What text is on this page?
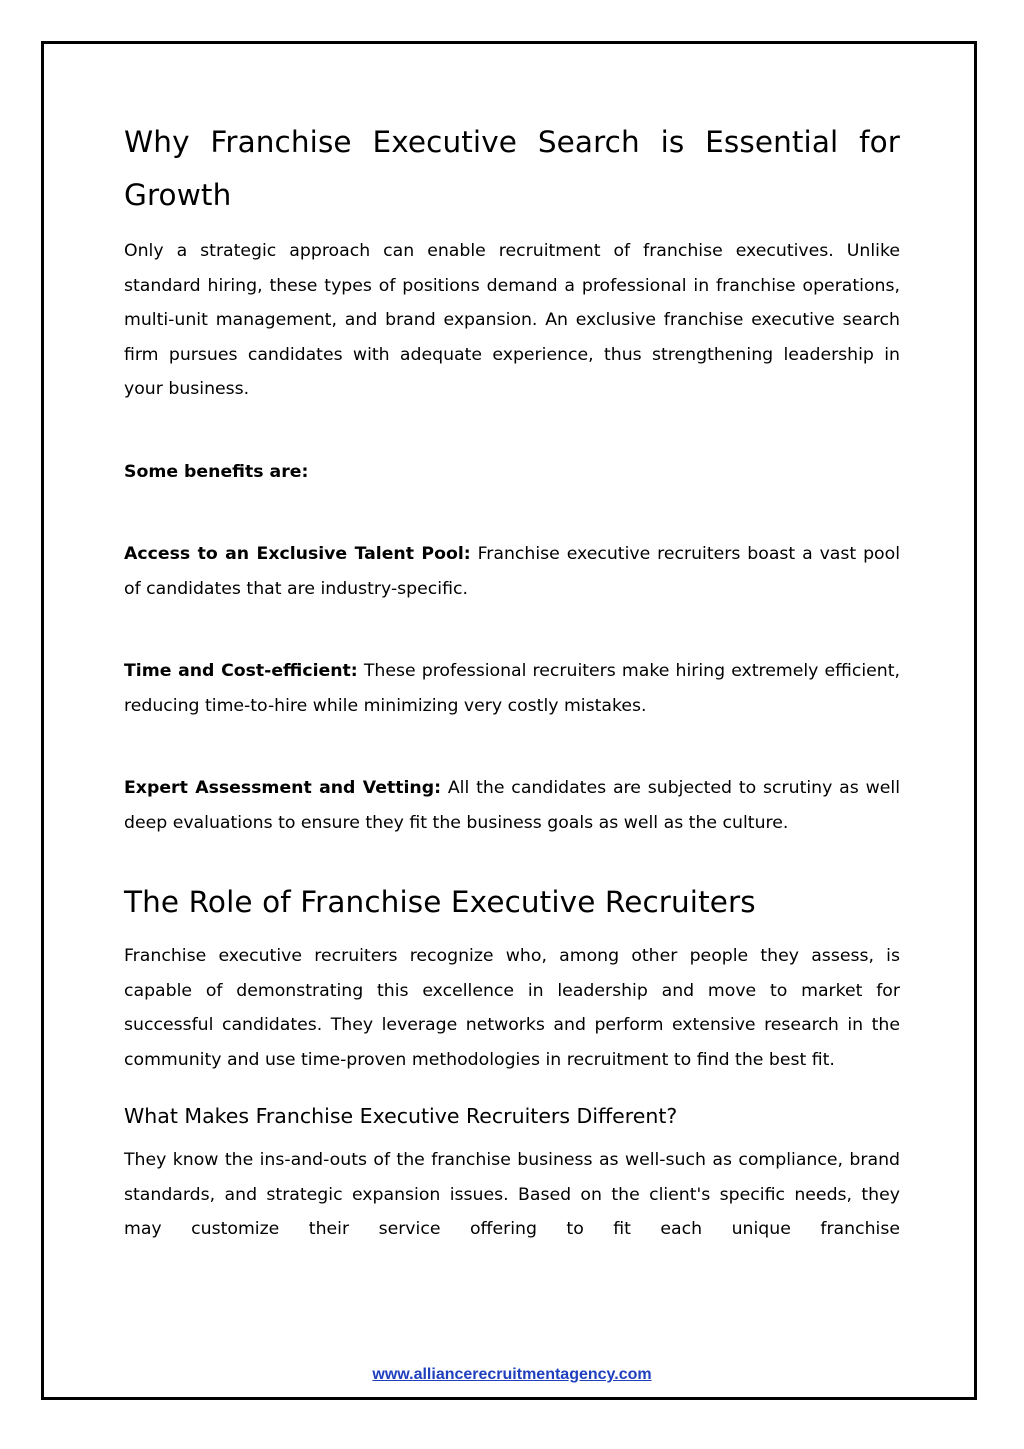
Why Franchise Executive Search is Essential for Growth

Only a strategic approach can enable recruitment of franchise executives. Unlike standard hiring, these types of positions demand a professional in franchise operations, multi-unit management, and brand expansion. An exclusive franchise executive search firm pursues candidates with adequate experience, thus strengthening leadership in your business.

Some benefits are:

Access to an Exclusive Talent Pool: Franchise executive recruiters boast a vast pool of candidates that are industry-specific.

Time and Cost-efficient: These professional recruiters make hiring extremely efficient, reducing time-to-hire while minimizing very costly mistakes.

Expert Assessment and Vetting: All the candidates are subjected to scrutiny as well deep evaluations to ensure they fit the business goals as well as the culture.

The Role of Franchise Executive Recruiters

Franchise executive recruiters recognize who, among other people they assess, is capable of demonstrating this excellence in leadership and move to market for successful candidates. They leverage networks and perform extensive research in the community and use time-proven methodologies in recruitment to find the best fit.

What Makes Franchise Executive Recruiters Different?

They know the ins-and-outs of the franchise business as well-such as compliance, brand standards, and strategic expansion issues. Based on the client's specific needs, they may customize their service offering to fit each unique franchise

www.alliancerecruitmentagency.com
